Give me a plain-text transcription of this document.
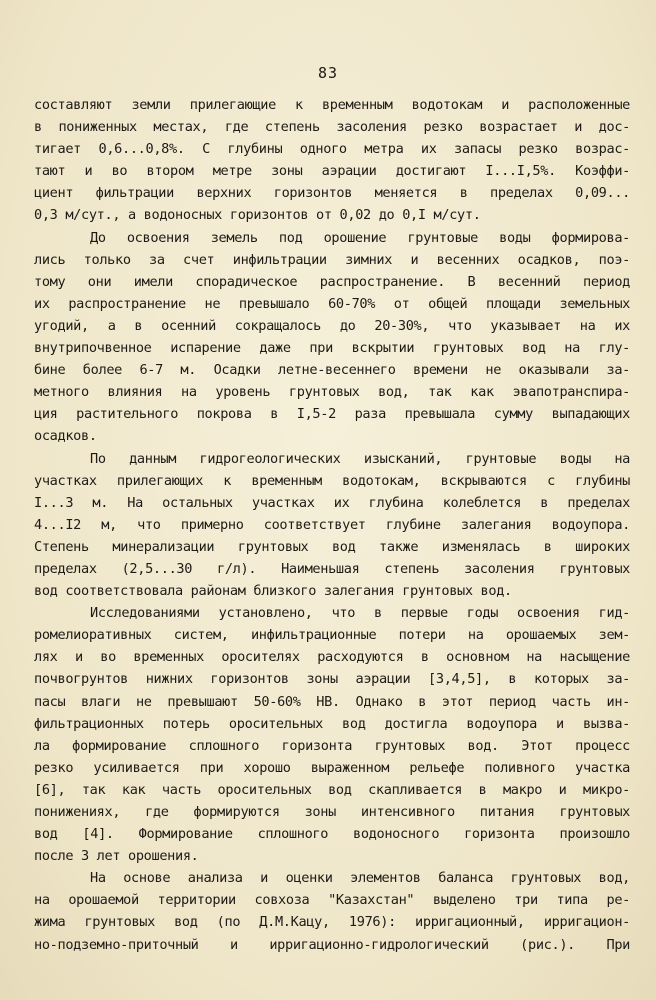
83
составляют земли прилегающие к временным водотокам и расположенные
в пониженных местах, где степень засоления резко возрастает и дос-
тигает 0,6...0,8%. С глубины одного метра их запасы резко возрас-
тают и во втором метре зоны аэрации достигают I...I,5%. Коэффи-
циент фильтрации верхних горизонтов меняется в пределах 0,09...
0,3 м/сут., а водоносных горизонтов от 0,02 до 0,I м/сут.
До освоения земель под орошение грунтовые воды формирова-
лись только за счет инфильтрации зимних и весенних осадков, поэ-
тому они имели спорадическое распространение. В весенний период
их распространение не превышало 60-70% от общей площади земельных
угодий, а в осенний сокращалось до 20-30%, что указывает на их
внутрипочвенное испарение даже при вскрытии грунтовых вод на глу-
бине более 6-7 м. Осадки летне-весеннего времени не оказывали за-
метного влияния на уровень грунтовых вод, так как эвапотранспира-
ция растительного покрова в I,5-2 раза превышала сумму выпадающих
осадков.
По данным гидрогеологических изысканий, грунтовые воды на
участках прилегающих к временным водотокам, вскрываются с глубины
I...3 м. На остальных участках их глубина колеблется в пределах
4...I2 м, что примерно соответствует глубине залегания водоупора.
Степень минерализации грунтовых вод также изменялась в широких
пределах (2,5...30 г/л). Наименьшая степень засоления грунтовых
вод соответствовала районам близкого залегания грунтовых вод.
Исследованиями установлено, что в первые годы освоения гид-
ромелиоративных систем, инфильтрационные потери на орошаемых зем-
лях и во временных оросителях расходуются в основном на насыщение
почвогрунтов нижних горизонтов зоны аэрации [3,4,5], в которых за-
пасы влаги не превышают 50-60% НВ. Однако в этот период часть ин-
фильтрационных потерь оросительных вод достигла водоупора и вызва-
ла формирование сплошного горизонта грунтовых вод. Этот процесс
резко усиливается при хорошо выраженном рельефе поливного участка
[6], так как часть оросительных вод скапливается в макро и микро-
понижениях, где формируются зоны интенсивного питания грунтовых
вод [4]. Формирование сплошного водоносного горизонта произошло
после 3 лет орошения.
На основе анализа и оценки элементов баланса грунтовых вод,
на орошаемой территории совхоза "Казахстан" выделено три типа ре-
жима грунтовых вод (по Д.М.Кацу, 1976): ирригационный, ирригацион-
но-подземно-приточный и ирригационно-гидрологический (рис.). При
